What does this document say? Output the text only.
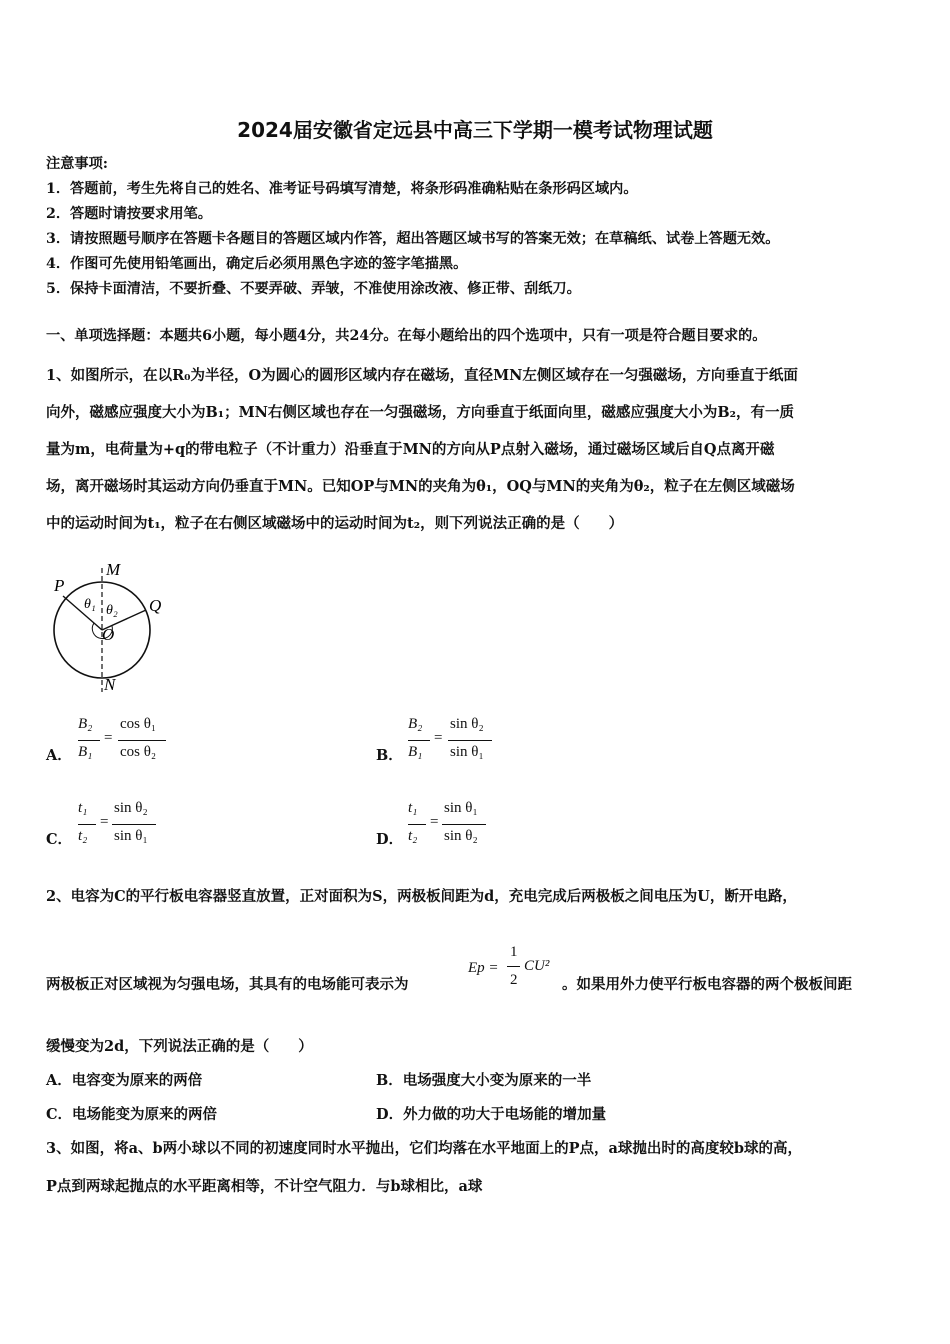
2024届安徽省定远县中高三下学期一模考试物理试题
注意事项:
1．答题前，考生先将自己的姓名、准考证号码填写清楚，将条形码准确粘贴在条形码区域内。
2．答题时请按要求用笔。
3．请按照题号顺序在答题卡各题目的答题区域内作答，超出答题区域书写的答案无效；在草稿纸、试卷上答题无效。
4．作图可先使用铅笔画出，确定后必须用黑色字迹的签字笔描黑。
5．保持卡面清洁，不要折叠、不要弄破、弄皱，不准使用涂改液、修正带、刮纸刀。
一、单项选择题：本题共6小题，每小题4分，共24分。在每小题给出的四个选项中，只有一项是符合题目要求的。
1、如图所示，在以R₀为半径，O为圆心的圆形区域内存在磁场，直径MN左侧区域存在一匀强磁场，方向垂直于纸面
向外，磁感应强度大小为B₁；MN右侧区域也存在一匀强磁场，方向垂直于纸面向里，磁感应强度大小为B₂，有一质
量为m，电荷量为+q的带电粒子（不计重力）沿垂直于MN的方向从P点射入磁场，通过磁场区域后自Q点离开磁
场，离开磁场时其运动方向仍垂直于MN。已知OP与MN的夹角为θ₁，OQ与MN的夹角为θ₂，粒子在左侧区域磁场
中的运动时间为t₁，粒子在右侧区域磁场中的运动时间为t₂，则下列说法正确的是（　　）
M
N
P
Q
O
θ₁ θ₂
A．
B₂
B₁
=
cos θ₁
cos θ₂	B．
B₂
B₁
=
sin θ₂
sin θ₁
C．
t₁
t₂
=
sin θ₂
sin θ₁	D．
t₁
t₂
=
sin θ₁
sin θ₂
2、电容为C的平行板电容器竖直放置，正对面积为S，两极板间距为d，充电完成后两极板之间电压为U，断开电路，
两极板正对区域视为匀强电场，其具有的电场能可表示为
Ep =
1
2
CU²
。如果用外力使平行板电容器的两个极板间距
缓慢变为2d，下列说法正确的是（　　）
A．电容变为原来的两倍	B．电场强度大小变为原来的一半
C．电场能变为原来的两倍	D．外力做的功大于电场能的增加量
3、如图，将a、b两小球以不同的初速度同时水平抛出，它们均落在水平地面上的P点，a球抛出时的高度较b球的高，
P点到两球起抛点的水平距离相等，不计空气阻力．与b球相比，a球
